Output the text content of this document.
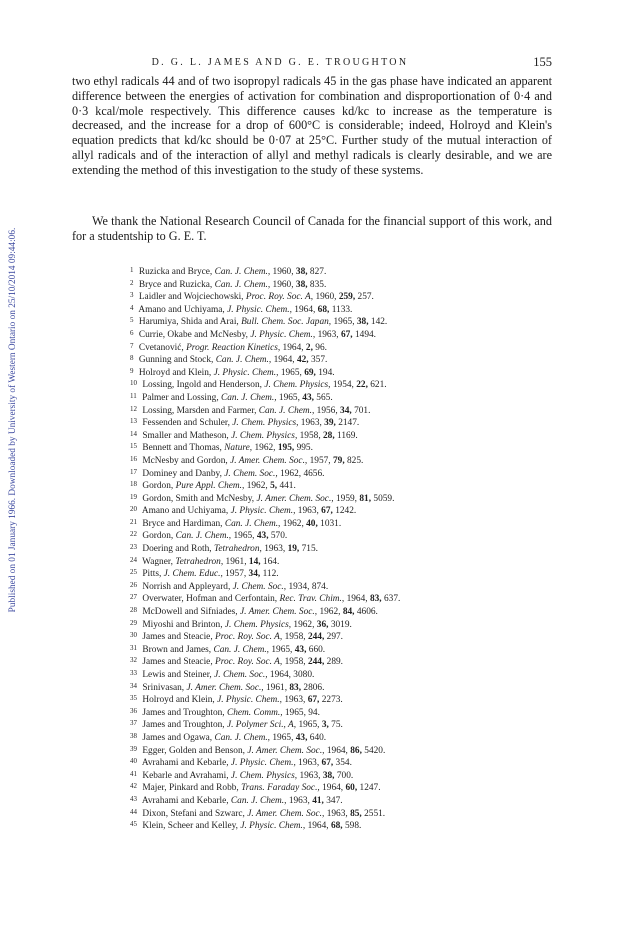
Published on 01 January 1966. Downloaded by University of Western Ontario on 25/10/2014 09:44:06.
D. G. L. JAMES AND G. E. TROUGHTON	155

two ethyl radicals 44 and of two isopropyl radicals 45 in the gas phase have indicated an apparent difference between the energies of activation for combination and disproportionation of 0·4 and 0·3 kcal/mole respectively. This difference causes kd/kc to increase as the temperature is decreased, and the increase for a drop of 600°C is considerable; indeed, Holroyd and Klein's equation predicts that kd/kc should be 0·07 at 25°C. Further study of the mutual interaction of allyl radicals and of the interaction of allyl and methyl radicals is clearly desirable, and we are extending the method of this investigation to the study of these systems.

We thank the National Research Council of Canada for the financial support of this work, and for a studentship to G. E. T.

1 Ruzicka and Bryce, Can. J. Chem., 1960, 38, 827.
2 Bryce and Ruzicka, Can. J. Chem., 1960, 38, 835.
3 Laidler and Wojciechowski, Proc. Roy. Soc. A, 1960, 259, 257.
4 Amano and Uchiyama, J. Physic. Chem., 1964, 68, 1133.
5 Harumiya, Shida and Arai, Bull. Chem. Soc. Japan, 1965, 38, 142.
6 Currie, Okabe and McNesby, J. Physic. Chem., 1963, 67, 1494.
7 Cvetanović, Progr. Reaction Kinetics, 1964, 2, 96.
8 Gunning and Stock, Can. J. Chem., 1964, 42, 357.
9 Holroyd and Klein, J. Physic. Chem., 1965, 69, 194.
10 Lossing, Ingold and Henderson, J. Chem. Physics, 1954, 22, 621.
11 Palmer and Lossing, Can. J. Chem., 1965, 43, 565.
12 Lossing, Marsden and Farmer, Can. J. Chem., 1956, 34, 701.
13 Fessenden and Schuler, J. Chem. Physics, 1963, 39, 2147.
14 Smaller and Matheson, J. Chem. Physics, 1958, 28, 1169.
15 Bennett and Thomas, Nature, 1962, 195, 995.
16 McNesby and Gordon, J. Amer. Chem. Soc., 1957, 79, 825.
17 Dominey and Danby, J. Chem. Soc., 1962, 4656.
18 Gordon, Pure Appl. Chem., 1962, 5, 441.
19 Gordon, Smith and McNesby, J. Amer. Chem. Soc., 1959, 81, 5059.
20 Amano and Uchiyama, J. Physic. Chem., 1963, 67, 1242.
21 Bryce and Hardiman, Can. J. Chem., 1962, 40, 1031.
22 Gordon, Can. J. Chem., 1965, 43, 570.
23 Doering and Roth, Tetrahedron, 1963, 19, 715.
24 Wagner, Tetrahedron, 1961, 14, 164.
25 Pitts, J. Chem. Educ., 1957, 34, 112.
26 Norrish and Appleyard, J. Chem. Soc., 1934, 874.
27 Overwater, Hofman and Cerfontain, Rec. Trav. Chim., 1964, 83, 637.
28 McDowell and Sifniades, J. Amer. Chem. Soc., 1962, 84, 4606.
29 Miyoshi and Brinton, J. Chem. Physics, 1962, 36, 3019.
30 James and Steacie, Proc. Roy. Soc. A, 1958, 244, 297.
31 Brown and James, Can. J. Chem., 1965, 43, 660.
32 James and Steacie, Proc. Roy. Soc. A, 1958, 244, 289.
33 Lewis and Steiner, J. Chem. Soc., 1964, 3080.
34 Srinivasan, J. Amer. Chem. Soc., 1961, 83, 2806.
35 Holroyd and Klein, J. Physic. Chem., 1963, 67, 2273.
36 James and Troughton, Chem. Comm., 1965, 94.
37 James and Troughton, J. Polymer Sci., A, 1965, 3, 75.
38 James and Ogawa, Can. J. Chem., 1965, 43, 640.
39 Egger, Golden and Benson, J. Amer. Chem. Soc., 1964, 86, 5420.
40 Avrahami and Kebarle, J. Physic. Chem., 1963, 67, 354.
41 Kebarle and Avrahami, J. Chem. Physics, 1963, 38, 700.
42 Majer, Pinkard and Robb, Trans. Faraday Soc., 1964, 60, 1247.
43 Avrahami and Kebarle, Can. J. Chem., 1963, 41, 347.
44 Dixon, Stefani and Szwarc, J. Amer. Chem. Soc., 1963, 85, 2551.
45 Klein, Scheer and Kelley, J. Physic. Chem., 1964, 68, 598.
